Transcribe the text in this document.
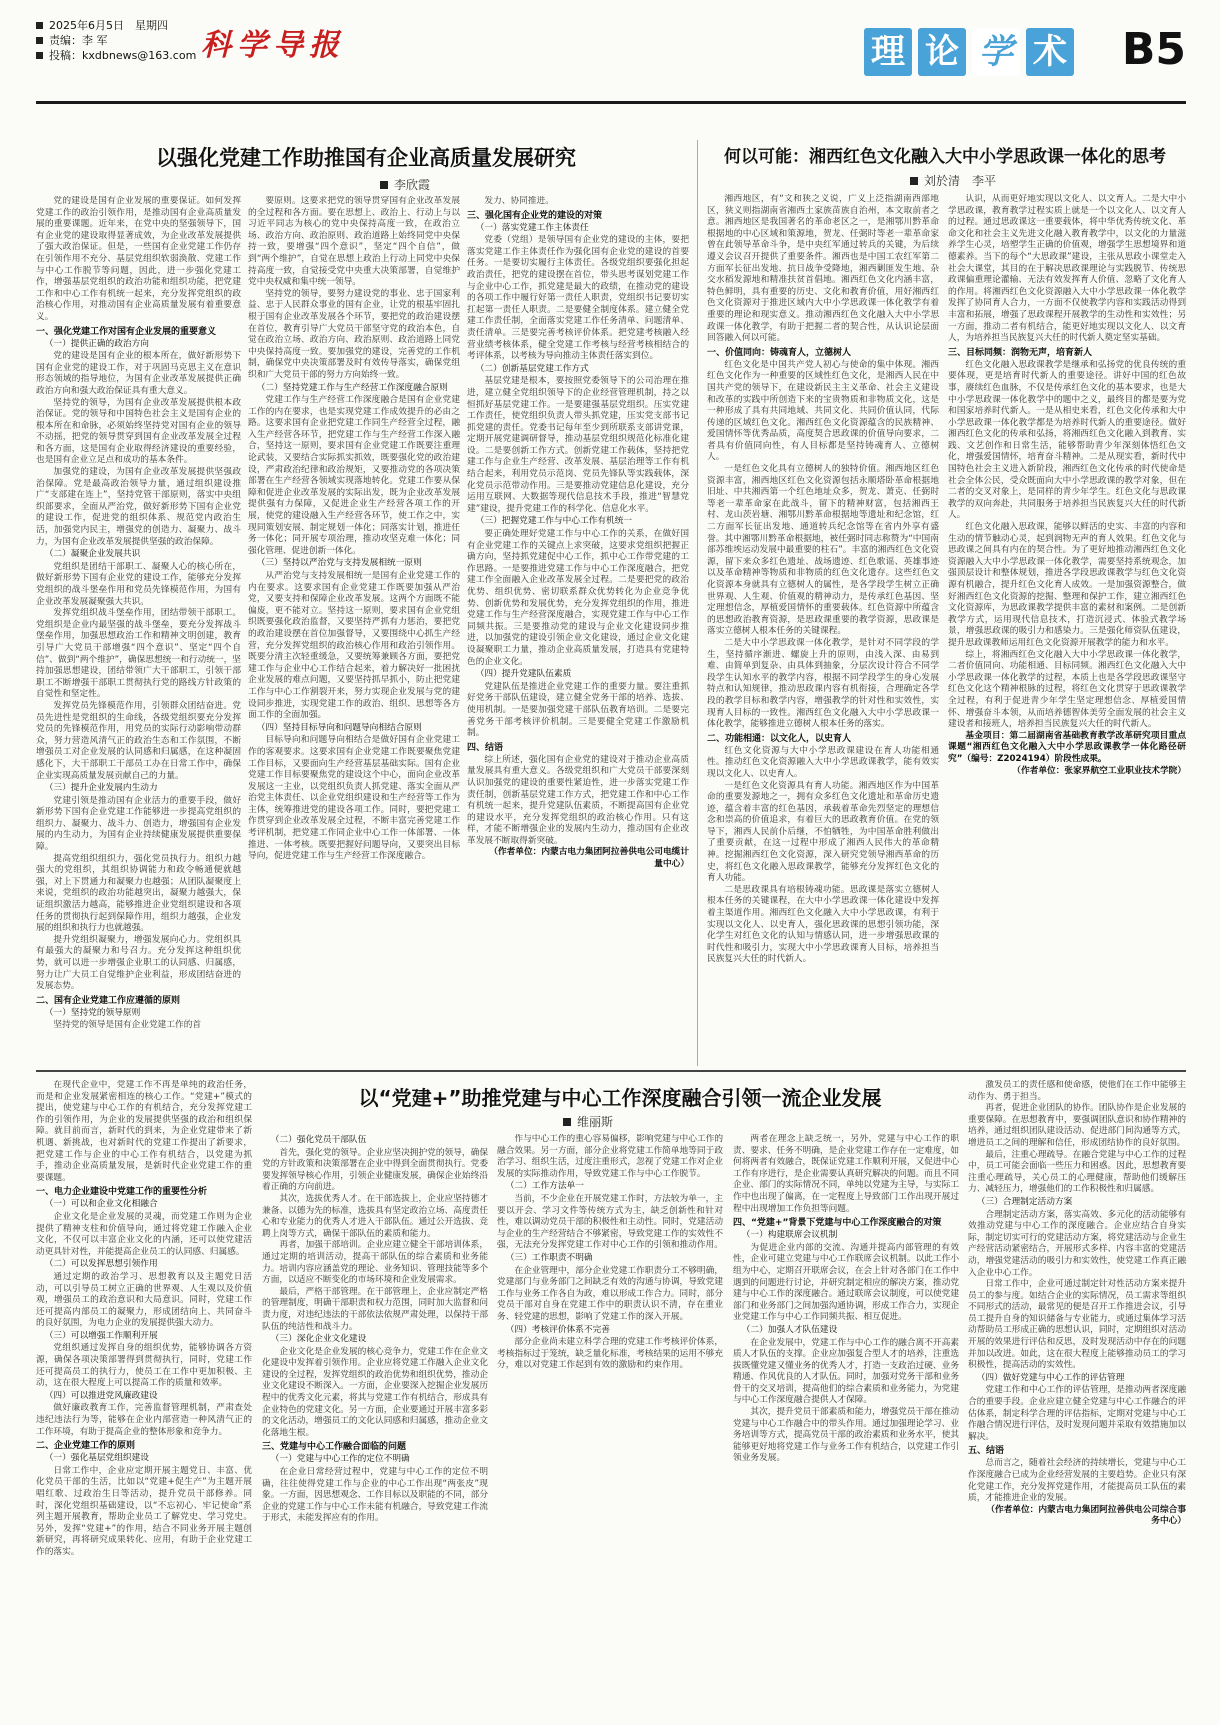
2025年6月5日　星期四
责编：李 军
投稿：kxdbnews@163.com 科学导报	理 论 学 术 B5
以强化党建工作助推国有企业高质量发展研究
李欣霞

党的建设是国有企业发展的重要保证。如何发挥党建工作的政治引领作用，是推动国有企业高质量发展的重要课题。近年来，在党中央的坚强领导下，国有企业党的建设取得显著成效，为企业改革发展提供了强大政治保证。但是，一些国有企业党建工作仍存在引领作用不充分、基层党组织软弱涣散、党建工作与中心工作脱节等问题，因此，进一步强化党建工作，增强基层党组织的政治功能和组织功能，把党建工作和中心工作有机统一起来，充分发挥党组织的政治核心作用，对推动国有企业高质量发展有着重要意义。

一、强化党建工作对国有企业发展的重要意义
（一）提供正确的政治方向

党的建设是国有企业的根本所在，做好新形势下国有企业党的建设工作，对于巩固马克思主义在意识形态领域的指导地位，为国有企业改革发展提供正确政治方向和强大政治保证具有重大意义。

坚持党的领导，为国有企业改革发展提供根本政治保证。党的领导和中国特色社会主义是国有企业的根本所在和命脉，必须始终坚持党对国有企业的领导不动摇，把党的领导贯穿到国有企业改革发展全过程和各方面，这是国有企业取得经济建设的重要经验，也是国有企业立足点和成功的基本条件。

加强党的建设，为国有企业改革发展提供坚强政治保障。党是最高政治领导力量，通过组织建设推广“支部建在连上”，坚持党管干部原则，落实中央组织部要求，全面从严治党，做好新形势下国有企业党的建设工作，促进党的组织体系、规范党内政治生活，加强党内民主，增强党的创造力、凝聚力、战斗力，为国有企业改革发展提供坚强的政治保障。

（二）凝聚企业发展共识

党组织是团结干部职工、凝聚人心的核心所在，做好新形势下国有企业党的建设工作，能够充分发挥党组织的战斗堡垒作用和党员先锋模范作用，为国有企业改革发展凝聚强大共识。

发挥党组织战斗堡垒作用，团结带领干部职工。党组织是企业内最坚强的战斗堡垒，要充分发挥战斗堡垒作用，加强思想政治工作和精神文明创建，教育引导广大党员干部增强“四个意识”、坚定“四个自信”、做到“两个维护”，确保思想统一和行动统一，坚持加强思想建设，团结带领广大干部职工，引领干部职工不断增强干部职工贯彻执行党的路线方针政策的自觉性和坚定性。

发挥党员先锋模范作用，引领群众团结奋进。党员先进性是党组织的生命线，各级党组织要充分发挥党员的先锋模范作用，用党员的实际行动影响带动群众，努力营造风清气正的政治生态和工作氛围，不断增强员工对企业发展的认同感和归属感，在这种凝固感化下，大干部职工干部员工办在日常工作中，确保企业实现高质量发展贡献自己的力量。

（三）提升企业发展内生动力

党建引领是推动国有企业活力的重要手段，做好新形势下国有企业党建工作能够进一步提高党组织的组织力、凝聚力、战斗力、创造力，增强国有企业发展的内生动力，为国有企业持续健康发展提供重要保障。

提高党组织组织力，强化党员执行力。组织力越强大的党组织，其组织协调能力和政令畅通便就越强，对上下贯通力和凝聚力也越强；从团队凝聚度上来说，党组织的政治功能越突出，凝聚力越强大，保证组织激活力越高，能够推进企业党组织建设和各项任务的贯彻执行起到保障作用，组织力越强，企业发展的组织和执行力也就越强。

提升党组织凝聚力，增强发展向心力。党组织具有最强大的凝聚力和号召力。充分发挥这种组织优势，就可以进一步增强企业职工的认同感、归属感，努力让广大员工自觉维护企业利益，形成团结奋进的发展态势。

二、国有企业党建工作应遵循的原则
（一）坚持党的领导原则

坚持党的领导是国有企业党建工作的首

要原则。这要求把党的领导贯穿国有企业改革发展的全过程和各方面。要在思想上、政治上、行动上与以习近平同志为核心的党中央保持高度一致，在政治立场、政治方向、政治原则、政治道路上始终同党中央保持一致，要增强“四个意识”，坚定“四个自信”，做到“两个维护”，自觉在思想上政治上行动上同党中央保持高度一致，自觉接受党中央重大决策部署，自觉维护党中央权威和集中统一领导。

坚持党的领导，要努力建设党的事业、忠于国家利益、忠于人民群众事业的国有企业，让党的根基牢固扎根于国有企业改革发展各个环节，要把党的政治建设摆在首位，教育引导广大党员干部坚守党的政治本色，自觉在政治立场、政治方向、政治原则、政治道路上同党中央保持高度一致。要加强党的建设，完善党的工作机制，确保党中央决策部署及时有效传导落实，确保党组织和广大党员干部的努力方向始终一致。

（二）坚持党建工作与生产经营工作深度融合原则

党建工作与生产经营工作深度融合是国有企业党建工作的内在要求，也是实现党建工作成效提升的必由之路。这要求国有企业把党建工作同生产经营全过程，融入生产经营各环节，把党建工作与生产经营工作深入融合，坚持这一原则，要求国有企业党建工作既要注重理论武装，又要结合实际抓实抓效，既要强化党的政治建设，严肃政治纪律和政治规矩，又要推动党的各项决策部署在生产经营各领域实现落地转化。党建工作要从保障和促进企业改革发展的实际出发，既为企业改革发展提供强有力保障，又促进企业生产经营各项工作的开展，使党的建设融入生产经营各环节，使工作之中，实现同策划安展、制定规划一体化；同落实计划，推进任务一体化；同开展专项治理，推动攻坚克难一体化；同强化管理、促进创新一体化。

（三）坚持以严治党与支持发展相统一原则

从严治党与支持发展相统一是国有企业党建工作的内在要求。这要求国有企业党建工作既要加强从严治党，又要支持和保障企业改革发展。这两个方面既不能偏废，更不能对立。坚持这一原则，要求国有企业党组织既要强化政治监督，又要坚持严抓有力惩治，要把党的政治建设摆在首位加强督导，又要围绕中心抓生产经营，充分发挥党组织的政治核心作用和政治引领作用。既要分清主次轻重缓急，又要统筹兼顾各方面，要把党建工作与企业中心工作结合起来，着力解决好一批困扰企业发展的难点问题，又要坚持抓早抓小，防止把党建工作与中心工作割裂开来，努力实现企业发展与党的建设同步推进，实现党建工作的政治、组织、思想等各方面工作的全面加强。

（四）坚持目标导向和问题导向相结合原则

目标导向和问题导向相结合是做好国有企业党建工作的客观要求。这要求国有企业党建工作既要聚焦党建工作目标，又要面向生产经营基层基础实际。国有企业党建工作目标要聚焦党的建设这个中心，面向企业改革发展这一主业，以党组织负责人抓党建、落实全面从严治党主体责任、以企业党组织建设和生产经营等工作为主体，统筹推进党的建设各项工作。同时，要把党建工作贯穿到企业改革发展全过程，不断丰富完善党建工作考评机制，把党建工作同企业中心工作一体部署、一体推进、一体考核。既要把握好问题导向，又要突出目标导向，促进党建工作与生产经营工作深度融合。

发力、协同推进。

三、强化国有企业党的建设的对策
（一）落实党建工作主体责任

党委（党组）是领导国有企业党的建设的主体，要把落实党建工作主体责任作为强化国有企业党的建设的首要任务。一是要切实履行主体责任。各级党组织要强化担起政治责任，把党的建设摆在首位，带头思考谋划党建工作与企业中心工作，抓党建是最大的政绩，在推动党的建设的各项工作中履行好第一责任人职责，党组织书记要切实扛起第一责任人职责。二是要健全制度体系。建立健全党建工作责任制，全面落实党建工作任务清单、问题清单、责任清单。三是要完善考核评价体系。把党建考核融入经营业绩考核体系，健全党建工作考核与经营考核相结合的考评体系，以考核为导向推动主体责任落实到位。

（二）创新基层党建工作方式

基层党建是根本，要按照党委领导下的公司治理在推进，建立健全党组织领导下的企业经营管理机制，持之以恒抓好基层党建工作。一是要建强基层党组织。压实党建工作责任，使党组织负责人带头抓党建，压实党支部书记抓党建的责任。党委书记每年至少到所联系支部讲党课，定期开展党建调研督导，推动基层党组织规范化标准化建设。二是要创新工作方式。创新党建工作载体，坚持把党建工作与企业生产经营、改革发展、基层治理等工作有机结合起来，利用党员示范岗、党员先锋队等实践载体，深化党员示范带动作用。三是要推动党建信息化建设，充分运用互联网、大数据等现代信息技术手段，推进“智慧党建”建设，提升党建工作的科学化、信息化水平。

（三）把握党建工作与中心工作有机统一

要正确处理好党建工作与中心工作的关系，在做好国有企业党建工作的关键点上求突破，这要求党组织把握正确方向，坚持抓党建促中心工作，抓中心工作带党建的工作思路。一是要推进党建工作与中心工作深度融合，把党建工作全面融入企业改革发展全过程。二是要把党的政治优势、组织优势、密切联系群众优势转化为企业竞争优势、创新优势和发展优势，充分发挥党组织的作用，推进党建工作与生产经营深度融合，实现党建工作与中心工作同频共振。三是要推动党的建设与企业文化建设同步推进，以加强党的建设引领企业文化建设，通过企业文化建设凝聚职工力量，推动企业高质量发展，打造具有党建特色的企业文化。

（四）提升党建队伍素质

党建队伍是推进企业党建工作的重要力量。要注重抓好党务干部队伍建设，建立健全党务干部的培养、选拔、使用机制。一是要加强党建干部队伍教育培训。二是要完善党务干部考核评价机制。三是要健全党建工作激励机制。

四、结语

综上所述，强化国有企业党的建设对于推动企业高质量发展具有重大意义。各级党组织和广大党员干部要深刻认识加强党的建设的重要性紧迫性，进一步落实党建工作责任制，创新基层党建工作方式，把党建工作和中心工作有机统一起来，提升党建队伍素质，不断提高国有企业党的建设水平，充分发挥党组织的政治核心作用。只有这样，才能不断增强企业的发展内生动力，推动国有企业改革发展不断取得新突破。

（作者单位：内蒙古电力集团阿拉善供电公司电缆计量中心）

何以可能：湘西红色文化融入大中小学思政课一体化的思考
刘於清　李平

湘西地区，有“文和狭之义说，广义上泛指湖南西部地区，狭义则指湖南省湘西土家族苗族自治州，本文取前者之意。湘西地区是我国著名的革命老区之一，是湘鄂川黔革命根据地的中心区域和策源地，贺龙、任弼时等老一辈革命家曾在此领导革命斗争，是中央红军通过转兵的关键，为后续遵义会议召开提供了重要条件。湘西也是中国工农红军第二方面军长征出发地、抗日战争受降地，湘西剿匪发生地、杂交水稻发源地和精准扶贫首倡地。湘西红色文化内涵丰富，特色鲜明，具有重要的历史、文化和教育价值，用好湘西红色文化资源对于推进区域内大中小学思政课一体化教学有着重要的理论和现实意义。推动湘西红色文化融入大中小学思政课一体化教学，有助于把握二者的契合性，从认识论层面回答融入何以可能。

一、价值同向：铸魂育人，立德树人

红色文化是中国共产党人初心与使命的集中体现。湘西红色文化作为一种重要的区域性红色文化，是湘西人民在中国共产党的领导下，在建设新民主主义革命、社会主义建设和改革的实践中所创造下来的宝贵物质和非物质文化，这是一种形成了具有共同地域、共同文化、共同价值认同，代际传递的区域红色文化。湘西红色文化资源蕴含的民族精神、爱国情怀等优秀品质，高度契合思政课的价值导向要求，二者具有价值同向性，有人目标都是坚持铸魂育人、立德树人。

一是红色文化具有立德树人的独特价值。湘西地区红色资源丰富，湘西地区红色文化资源包括永顺塔卧革命根据地旧址、中共湘西第一个红色地址众多，贺龙、萧克、任弼时等老一辈革命家在此战斗，留下的精神财富，包括湘西王村、龙山茨岩塘、湘鄂川黔革命根据地等遗址和纪念馆，红二方面军长征出发地、通道转兵纪念馆等在省内外享有盛誉。其中湘鄂川黔革命根据地，被任弼时同志称赞为“中国南部苏维埃运动发展中最重要的柱石”。丰富的湘西红色文化资源，留下来众多红色遗址、战场遗迹、红色歌谣、英雄事迹以及革命精神等物质和非物质的红色文化遗存。这些红色文化资源本身就具有立德树人的属性，是各学段学生树立正确世界观、人生观、价值观的精神动力，是传承红色基因、坚定理想信念，厚植爱国情怀的重要载体。红色资源中所蕴含的思想政治教育资源，是思政课重要的教学资源，思政课是落实立德树人根本任务的关键课程。

二是大中小学思政课一体化教学，是针对不同学段的学生，坚持循序渐进、螺旋上升的原则，由浅入深、由易到难、由简单到复杂、由具体到抽象，分层次设计符合不同学段学生认知水平的教学内容，根据不同学段学生的身心发展特点和认知规律，推动思政课内容有机衔接，合理确定各学段的教学目标和教学内容，增强教学的针对性和实效性，实现育人目标的一致性。湘西红色文化融入大中小学思政课一体化教学，能够推进立德树人根本任务的落实。

二、功能相通：以文化人，以史育人

红色文化资源与大中小学思政课建设在育人功能相通性。推动红色文化资源融入大中小学思政课教学，能有效实现以文化人、以史育人。

一是红色文化资源具有育人功能。湘西地区作为中国革命的重要发源地之一，拥有众多红色文化遗址和革命历史遗迹，蕴含着丰富的红色基因，承载着革命先烈坚定的理想信念和崇高的价值追求，有着巨大的思政教育价值。在党的领导下，湘西人民前仆后继，不怕牺牲，为中国革命胜利做出了重要贡献，在这一过程中形成了湘西人民伟大的革命精神。挖掘湘西红色文化资源，深入研究党领导湘西革命的历史，将红色文化融入思政课教学，能够充分发挥红色文化的育人功能。

二是思政课具有培根铸魂功能。思政课是落实立德树人根本任务的关键课程，在大中小学思政课一体化建设中发挥着主渠道作用。湘西红色文化融入大中小学思政课，有利于实现以文化人、以史育人，强化思政课的思想引领功能，深化学生对红色文化的认知与情感认同，进一步增强思政课的时代性和吸引力，实现大中小学思政课育人目标，培养担当民族复兴大任的时代新人。

认识，从而更好地实现以文化人、以文育人。二是大中小学思政课，教育教学过程实质上就是一个以文化人、以文育人的过程。通过思政课这一重要载体，将中华优秀传统文化、革命文化和社会主义先进文化融入教育教学中，以文化的力量滋养学生心灵，培塑学生正确的价值观，增强学生思想境界和道德素养。当下的每个“大思政课”建设，主张从思政小课堂走入社会大课堂，其目的在于解决思政课理论与实践脱节、传统思政课偏重理论灌输、无法有效发挥育人价值、忽略了文化育人的作用。将湘西红色文化资源融入大中小学思政课一体化教学发挥了协同育人合力，一方面不仅使教学内容和实践活动得到丰富和拓展，增强了思政课程开展教学的生动性和实效性；另一方面，推动二者有机结合，能更好地实现以文化人、以文育人，为培养担当民族复兴大任的时代新人奠定坚实基础。

三、目标同频：润物无声，培育新人

红色文化融入思政课教学是继承和弘扬党的优良传统的重要体现，更是培育时代新人的重要途径。讲好中国的红色故事，赓续红色血脉，不仅是传承红色文化的基本要求，也是大中小学思政课一体化教学中的题中之义，最终目的都是要为党和国家培养时代新人。一是从相史来看，红色文化传承和大中小学思政课一体化教学都是为培养时代新人的重要途径。做好湘西红色文化的传承和弘扬，将湘西红色文化融入到教育、实践、文艺创作和日常生活，能够帮助青少年深刻体悟红色文化，增强爱国情怀，培育奋斗精神。二是从现实看，新时代中国特色社会主义进入新阶段，湘西红色文化传承的时代使命是社会全体公民，受众既面向大中小学思政课的教学对象，但在二者的交叉对象上，是同样的青少年学生。红色文化与思政课教学的双向奔赴，共同服务于培养担当民族复兴大任的时代新人。

红色文化融入思政课，能够以鲜活的史实、丰富的内容和生动的情节触动心灵，起到润物无声的育人效果。红色文化与思政课之间具有内在的契合性。为了更好地推动湘西红色文化资源融入大中小学思政课一体化教学，需要坚持系统观念，加强顶层设计和整体规划，推进各学段思政课教学与红色文化资源有机融合，提升红色文化育人成效。一是加强资源整合，做好湘西红色文化资源的挖掘、整理和保护工作，建立湘西红色文化资源库，为思政课教学提供丰富的素材和案例。二是创新教学方式，运用现代信息技术，打造沉浸式、体验式教学场景，增强思政课的吸引力和感染力。三是强化师资队伍建设，提升思政课教师运用红色文化资源开展教学的能力和水平。

综上，将湘西红色文化融入大中小学思政课一体化教学，二者价值同向、功能相通、目标同频。湘西红色文化融入大中小学思政课一体化教学的过程，本质上也是各学段思政课坚守红色文化这个精神根脉的过程，将红色文化贯穿于思政课教学全过程，有利于促进青少年学生坚定理想信念、厚植爱国情怀、增强奋斗本领，从而培养德智体美劳全面发展的社会主义建设者和接班人，培养担当民族复兴大任的时代新人。

基金项目：第二届湖南省基础教育教学改革研究项目重点课题“湘西红色文化融入大中小学思政课教学一体化路径研究”（编号：Z2024194）阶段性成果。

（作者单位：张家界航空工业职业技术学院）

以“党建+”助推党建与中心工作深度融合引领一流企业发展
维丽斯

在现代企业中，党建工作不再是单纯的政治任务，而是和企业发展紧密相连的核心工作。“党建+”模式的提出，使党建与中心工作的有机结合，充分发挥党建工作的引领作用，为企业的发展提供坚强的政治和组织保障。就目前而言，新时代的到来，为企业党建带来了新机遇、新挑战，也对新时代的党建工作提出了新要求，把党建工作与企业的中心工作有机结合，以党建为抓手，推动企业高质量发展，是新时代企业党建工作的重要课题。

一、电力企业建设中党建工作的重要性分析
（一）可以和企业文化相融合

企业文化是企业发展的灵魂，而党建工作则为企业提供了精神支柱和价值导向，通过将党建工作融入企业文化，不仅可以丰富企业文化的内涵，还可以使党建活动更具针对性，并能提高企业员工的认同感、归属感。

（二）可以发挥思想引领作用

通过定期的政治学习、思想教育以及主题党日活动，可以引导员工树立正确的世界观、人生观以及价值观，增强员工的政治意识和大局意识。同时，党建工作还可提高内部员工的凝聚力，形成团结向上、共同奋斗的良好氛围，为电力企业的发展提供强大动力。

（三）可以增强工作顺利开展

党组织通过发挥自身的组织优势，能够协调各方资源，确保各项决策部署得到贯彻执行，同时，党建工作还可提高员工的执行力，使员工在工作中更加积极、主动，这在很大程度上可以提高工作的质量和效率。

（四）可以推进党风廉政建设

做好廉政教育工作，完善监督管理机制，严肃查处违纪违法行为等，能够在企业内部营造一种风清气正的工作环境，有助于提高企业的整体形象和竞争力。

二、企业党建工作的原则
（一）强化基层党组织建设

日常工作中，企业应定期开展主题党日、丰富、优化党员干部的生活，比如以“党建+促生产”为主题开展唱红歌、过政治生日等活动，提升党员干部修养。同时，深化党组织基础建设，以“不忘初心、牢记使命”系列主题开展教育，帮助企业员工了解党史、学习党史。另外，发挥“党建+”的作用，结合不同业务开展主题创新研究，再将研究成果转化、应用，有助于企业党建工作的落实。

（二）强化党员干部队伍

首先，强化党的领导。企业应坚决拥护党的领导，确保党的方针政策和决策部署在企业中得到全面贯彻执行。党委要发挥领导核心作用，引领企业健康发展，确保企业始终沿着正确的方向前进。

其次，选拔优秀人才。在干部选拔上，企业应坚持德才兼备、以德为先的标准，选拔具有坚定政治立场、高度责任心和专业能力的优秀人才进入干部队伍。通过公开选拔、竞聘上岗等方式，确保干部队伍的素质和能力。

再者，加强干部培训。企业应建立健全干部培训体系，通过定期的培训活动，提高干部队伍的综合素质和业务能力。培训内容应涵盖党的理论、业务知识、管理技能等多个方面，以适应不断变化的市场环境和企业发展需求。

最后，严格干部管理。在干部管理上，企业应制定严格的管理制度，明确干部职责和权力范围，同时加大监督和问责力度，对违纪违法的干部依法依规严肃处理，以保持干部队伍的纯洁性和战斗力。

（三）深化企业文化建设

企业文化是企业发展的核心竞争力，党建工作在企业文化建设中发挥着引领作用。企业应将党建工作融入企业文化建设的全过程，发挥党组织的政治优势和组织优势，推动企业文化建设不断深入。一方面，企业要深入挖掘企业发展历程中的优秀文化元素，将其与党建工作有机结合，形成具有企业特色的党建文化。另一方面，企业要通过开展丰富多彩的文化活动，增强员工的文化认同感和归属感，推动企业文化落地生根。

三、党建与中心工作融合面临的问题
（一）党建与中心工作的定位不明确

在企业日常经营过程中，党建与中心工作的定位不明确，往往使得党建工作与企业的中心工作出现“两张皮”现象。一方面，因思想观念、工作目标以及职能的不同，部分企业的党建工作与中心工作未能有机融合，导致党建工作流于形式，未能发挥应有的作用。

作与中心工作的重心容易偏移，影响党建与中心工作的融合效果。另一方面，部分企业将党建工作简单地等同于政治学习、组织生活，过度注重形式，忽视了党建工作对企业发展的实际推动作用，导致党建工作与中心工作脱节。

（二）工作方法单一

当前，不少企业在开展党建工作时，方法较为单一，主要以开会、学习文件等传统方式为主，缺乏创新性和针对性，难以调动党员干部的积极性和主动性。同时，党建活动与企业的生产经营结合不够紧密，导致党建工作的实效性不强，无法充分发挥党建工作对中心工作的引领和推动作用。

（三）工作职责不明确

在企业管理中，部分企业党建工作职责分工不够明确，党建部门与业务部门之间缺乏有效的沟通与协调，导致党建工作与业务工作各自为政，难以形成工作合力。同时，部分党员干部对自身在党建工作中的职责认识不清，存在重业务、轻党建的思想，影响了党建工作的深入开展。

（四）考核评价体系不完善

部分企业尚未建立科学合理的党建工作考核评价体系，考核指标过于笼统，缺乏量化标准，考核结果的运用不够充分，难以对党建工作起到有效的激励和约束作用。

两者在理念上缺乏统一，另外，党建与中心工作的职责、要求、任务不明确，是企业党建工作存在一定难度，如何将两者有效融合，既保证党建工作顺利开展，又促进中心工作有序进行，是企业需要认真研究解决的问题。而且不同企业、部门的实际情况不同，单纯以党建为主导，与实际工作中也出现了偏离，在一定程度上导致部门工作出现开展过程中出现增加工作负担等问题。

四、“党建+”背景下党建与中心工作深度融合的对策
（一）构建联席会议机制

为促进企业内部的交流、沟通并提高内部管理的有效性，企业可建立党建与中心工作联席会议机制。以此工作小组为中心，定期召开联席会议，在会上针对各部门在工作中遇到的问题进行讨论，并研究制定相应的解决方案，推动党建与中心工作的深度融合。通过联席会议制度，可以使党建部门和业务部门之间加强沟通协调，形成工作合力，实现企业党建工作与中心工作同频共振、相互促进。

（二）加强人才队伍建设

在企业发展中，党建工作与中心工作的融合离不开高素质人才队伍的支撑。企业应加强复合型人才的培养，注重选拔既懂党建又懂业务的优秀人才，打造一支政治过硬、业务精通、作风优良的人才队伍。同时，加强对党务干部和业务骨干的交叉培训，提高他们的综合素质和业务能力，为党建与中心工作深度融合提供人才保障。

其次，提升党员干部素质和能力，增强党员干部在推动党建与中心工作融合中的带头作用。通过加强理论学习、业务培训等方式，提高党员干部的政治素质和业务水平，使其能够更好地将党建工作与业务工作有机结合，以党建工作引领业务发展。

激发员工的责任感和使命感，使他们在工作中能够主动作为、勇于担当。

再者，促进企业团队的协作。团队协作是企业发展的重要保障。在思想教育中，要强调团队意识和协作精神的培养，通过组织团队建设活动、促进部门间沟通等方式，增进员工之间的理解和信任，形成团结协作的良好氛围。

最后，注重心理疏导。在融合党建与中心工作的过程中，员工可能会面临一些压力和困惑。因此，思想教育要注重心理疏导，关心员工的心理健康，帮助他们缓解压力、减轻压力，增强他们的工作积极性和归属感。

（三）合理制定活动方案

合理制定活动方案，落实高效、多元化的活动能够有效推动党建与中心工作的深度融合。企业应结合自身实际，制定切实可行的党建活动方案，将党建活动与企业生产经营活动紧密结合，开展形式多样、内容丰富的党建活动，增强党建活动的吸引力和实效性，使党建工作真正融入企业中心工作。

日常工作中，企业可通过制定针对性活动方案来提升员工的参与度。如结合企业的实际情况，员工需求等组织不同形式的活动，最常见的便是召开工作推进会议，引导员工提升自身的知识储备与专业能力，或通过集体学习活动帮助员工形成正确的思想认识，同时，定期组织对活动开展的效果进行评估和反思，及时发现活动中存在的问题并加以改进。如此，这在很大程度上能够推动员工的学习积极性，提高活动的实效性。

（四）做好党建与中心工作的评估管理

党建工作和中心工作的评估管理，是推动两者深度融合的重要手段。企业应建立健全党建与中心工作融合的评估体系，制定科学合理的评估指标，定期对党建与中心工作融合情况进行评估，及时发现问题并采取有效措施加以解决。

五、结语

总而言之，随着社会经济的持续增长，党建与中心工作深度融合已成为企业经营发展的主要趋势。企业只有深化党建工作，充分发挥党建作用，才能提高员工队伍的素质，才能推进企业的发展。

（作者单位：内蒙古电力集团阿拉善供电公司综合事务中心）
